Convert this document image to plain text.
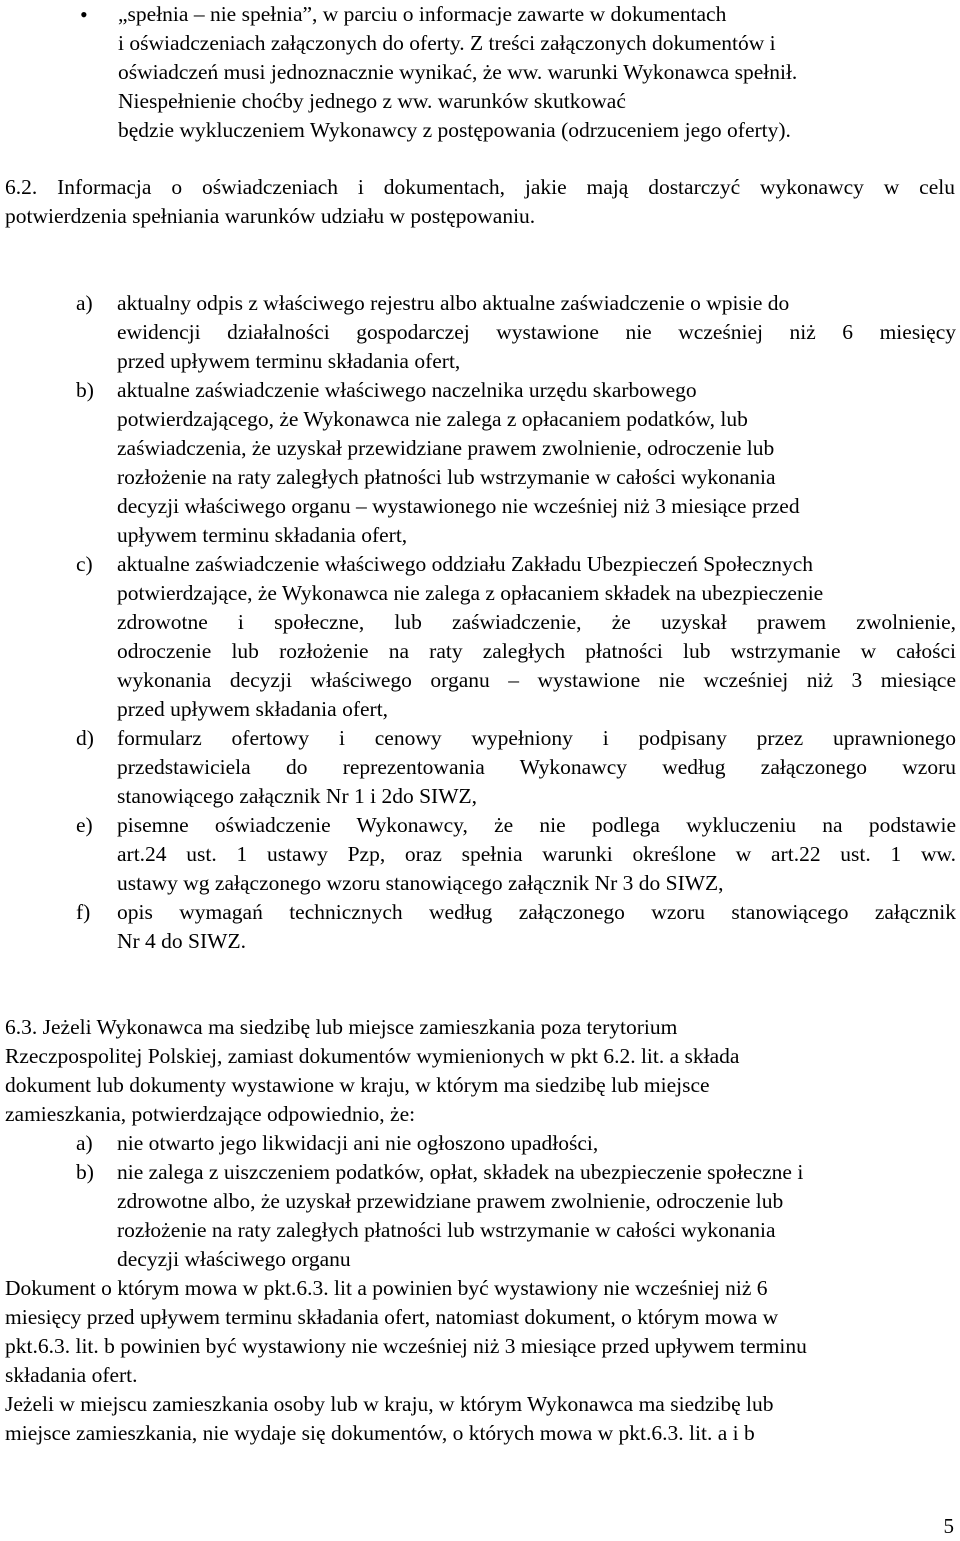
• „spełnia – nie spełnia”, w parciu o informacje zawarte w dokumentach
i oświadczeniach załączonych do oferty. Z treści załączonych dokumentów i
oświadczeń musi jednoznacznie wynikać, że ww. warunki Wykonawca spełnił.
Niespełnienie choćby jednego z ww. warunków skutkować
będzie wykluczeniem Wykonawcy z postępowania (odrzuceniem jego oferty).
6.2. Informacja o oświadczeniach i dokumentach, jakie mają dostarczyć wykonawcy w celu
potwierdzenia spełniania warunków udziału w postępowaniu.
a) aktualny odpis z właściwego rejestru albo aktualne zaświadczenie o wpisie do
ewidencji działalności gospodarczej wystawione nie wcześniej niż 6 miesięcy
przed upływem terminu składania ofert,
b) aktualne zaświadczenie właściwego naczelnika urzędu skarbowego
potwierdzającego, że Wykonawca nie zalega z opłacaniem podatków, lub
zaświadczenia, że uzyskał przewidziane prawem zwolnienie, odroczenie lub
rozłożenie na raty zaległych płatności lub wstrzymanie w całości wykonania
decyzji właściwego organu – wystawionego nie wcześniej niż 3 miesiące przed
upływem terminu składania ofert,
c) aktualne zaświadczenie właściwego oddziału Zakładu Ubezpieczeń Społecznych
potwierdzające, że Wykonawca nie zalega z opłacaniem składek na ubezpieczenie
zdrowotne i społeczne, lub zaświadczenie, że uzyskał prawem zwolnienie,
odroczenie lub rozłożenie na raty zaległych płatności lub wstrzymanie w całości
wykonania decyzji właściwego organu – wystawione nie wcześniej niż 3 miesiące
przed upływem składania ofert,
d) formularz ofertowy i cenowy wypełniony i podpisany przez uprawnionego
przedstawiciela do reprezentowania Wykonawcy według załączonego wzoru
stanowiącego załącznik Nr 1 i 2do SIWZ,
e) pisemne oświadczenie Wykonawcy, że nie podlega wykluczeniu na podstawie
art.24 ust. 1 ustawy Pzp, oraz spełnia warunki określone w art.22 ust. 1 ww.
ustawy wg załączonego wzoru stanowiącego załącznik Nr 3 do SIWZ,
f) opis wymagań technicznych według załączonego wzoru stanowiącego załącznik
Nr 4 do SIWZ.
6.3. Jeżeli Wykonawca ma siedzibę lub miejsce zamieszkania poza terytorium
Rzeczpospolitej Polskiej, zamiast dokumentów wymienionych w pkt 6.2. lit. a składa
dokument lub dokumenty wystawione w kraju, w którym ma siedzibę lub miejsce
zamieszkania, potwierdzające odpowiednio, że:
a) nie otwarto jego likwidacji ani nie ogłoszono upadłości,
b) nie zalega z uiszczeniem podatków, opłat, składek na ubezpieczenie społeczne i
zdrowotne albo, że uzyskał przewidziane prawem zwolnienie, odroczenie lub
rozłożenie na raty zaległych płatności lub wstrzymanie w całości wykonania
decyzji właściwego organu
Dokument o którym mowa w pkt.6.3. lit a powinien być wystawiony nie wcześniej niż 6
miesięcy przed upływem terminu składania ofert, natomiast dokument, o którym mowa w
pkt.6.3. lit. b powinien być wystawiony nie wcześniej niż 3 miesiące przed upływem terminu
składania ofert.
Jeżeli w miejscu zamieszkania osoby lub w kraju, w którym Wykonawca ma siedzibę lub
miejsce zamieszkania, nie wydaje się dokumentów, o których mowa w pkt.6.3. lit. a i b
5
